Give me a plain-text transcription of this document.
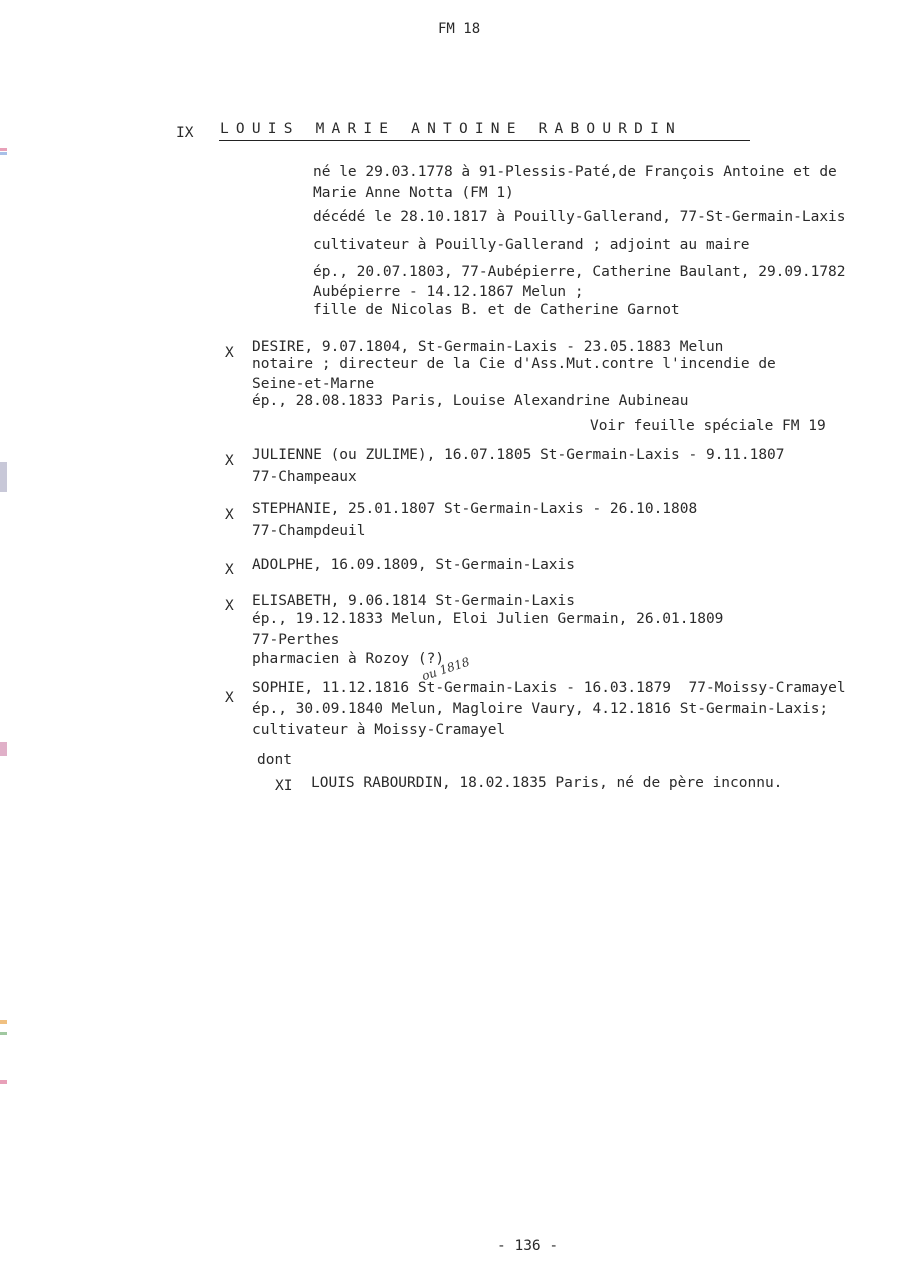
FM 18
IX LOUIS MARIE ANTOINE RABOURDIN
né le 29.03.1778 à 91-Plessis-Paté,de François Antoine et de
Marie Anne Notta (FM 1)
décédé le 28.10.1817 à Pouilly-Gallerand, 77-St-Germain-Laxis
cultivateur à Pouilly-Gallerand ; adjoint au maire
ép., 20.07.1803, 77-Aubépierre, Catherine Baulant, 29.09.1782
Aubépierre - 14.12.1867 Melun ;
fille de Nicolas B. et de Catherine Garnot
X DESIRE, 9.07.1804, St-Germain-Laxis - 23.05.1883 Melun
notaire ; directeur de la Cie d'Ass.Mut.contre l'incendie de
Seine-et-Marne
ép., 28.08.1833 Paris, Louise Alexandrine Aubineau
Voir feuille spéciale FM 19
X JULIENNE (ou ZULIME), 16.07.1805 St-Germain-Laxis - 9.11.1807
77-Champeaux
X STEPHANIE, 25.01.1807 St-Germain-Laxis - 26.10.1808
77-Champdeuil
X ADOLPHE, 16.09.1809, St-Germain-Laxis
X ELISABETH, 9.06.1814 St-Germain-Laxis
ép., 19.12.1833 Melun, Eloi Julien Germain, 26.01.1809
77-Perthes
pharmacien à Rozoy (?)
ou 1818
X
SOPHIE, 11.12.1816 St-Germain-Laxis - 16.03.1879  77-Moissy-Cramayel
ép., 30.09.1840 Melun, Magloire Vaury, 4.12.1816 St-Germain-Laxis;
cultivateur à Moissy-Cramayel
dont
XI LOUIS RABOURDIN, 18.02.1835 Paris, né de père inconnu.
- 136 -
